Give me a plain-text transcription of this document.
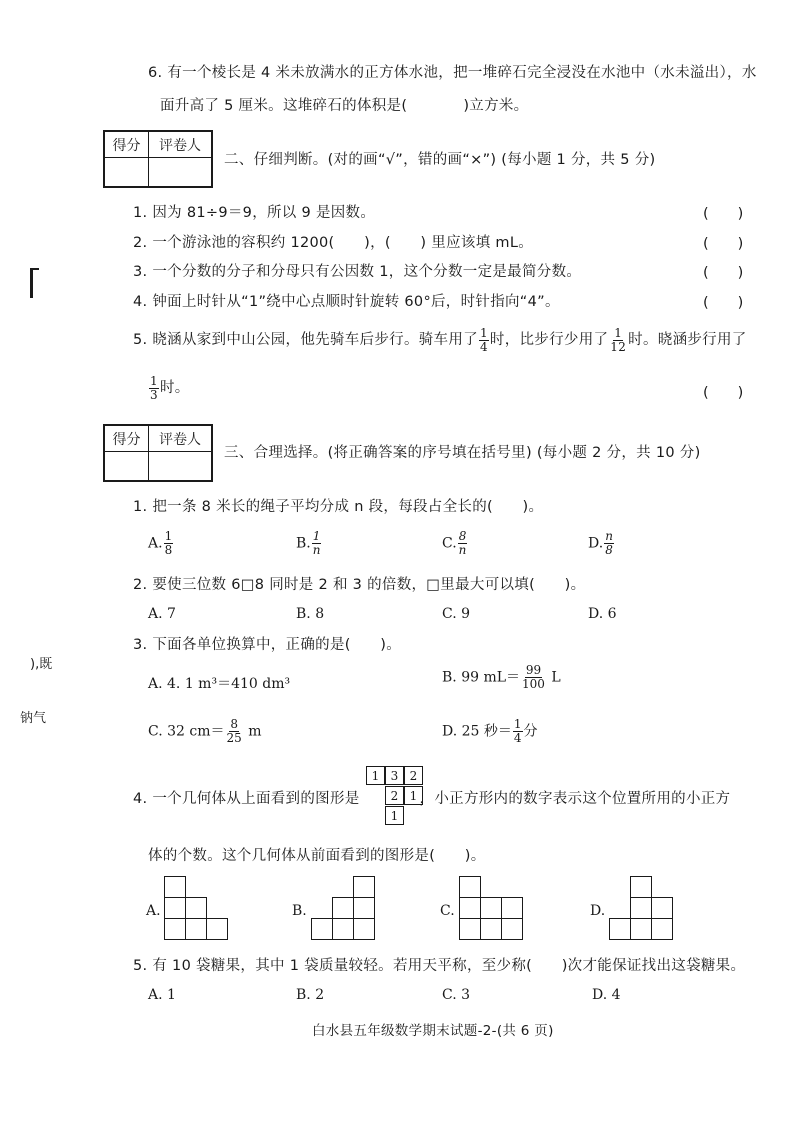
6. 有一个棱长是 4 米未放满水的正方体水池，把一堆碎石完全浸没在水池中（水未溢出），水
面升高了 5 厘米。这堆碎石的体积是(	)立方米。
得分	评卷人
二、仔细判断。(对的画“√”，错的画“×”) (每小题 1 分，共 5 分)
1. 因为 81÷9＝9，所以 9 是因数。	(　　)
2. 一个游泳池的容积约 1200(　　)，(　　) 里应该填 mL。	(　　)
3. 一个分数的分子和分母只有公因数 1，这个分数一定是最简分数。	(　　)
4. 钟面上时针从“1”绕中心点顺时针旋转 60°后，时针指向“4”。	(　　)
5. 晓涵从家到中山公园，他先骑车后步行。骑车用了 $\frac{1}{4}$ 时，比步行少用了 $\frac{1}{12}$ 时。晓涵步行用了
$\frac{1}{3}$ 时。	(　　)
得分	评卷人
三、合理选择。(将正确答案的序号填在括号里) (每小题 2 分，共 10 分)
1. 把一条 8 米长的绳子平均分成 n 段，每段占全长的(　　)。
A. $\frac{1}{8}$	B. $\frac{1}{n}$	C. $\frac{8}{n}$	D. $\frac{n}{8}$
2. 要使三位数 6□8 同时是 2 和 3 的倍数，□里最大可以填(　　)。
A. 7	B. 8	C. 9	D. 6
3. 下面各单位换算中，正确的是(　　)。
A. 4. 1 m³＝410 dm³	B. 99 $mL= \frac{99}{100}$ L
C. 32 $cm= \frac{8}{25}$ m	D. 25 秒＝ $\frac{1}{4}$ 分
4. 一个几何体从上面看到的图形是	，小正方形内的数字表示这个位置所用的小正方
1 3 2
2 1
1
体的个数。这个几何体从前面看到的图形是(　　)。
A.	B.	C.	D.
5. 有 10 袋糖果，其中 1 袋质量较轻。若用天平称，至少称(　　)次才能保证找出这袋糖果。
A. 1	B. 2	C. 3	D. 4
),既
钠气
白水县五年级数学期末试题-2-(共 6 页)
